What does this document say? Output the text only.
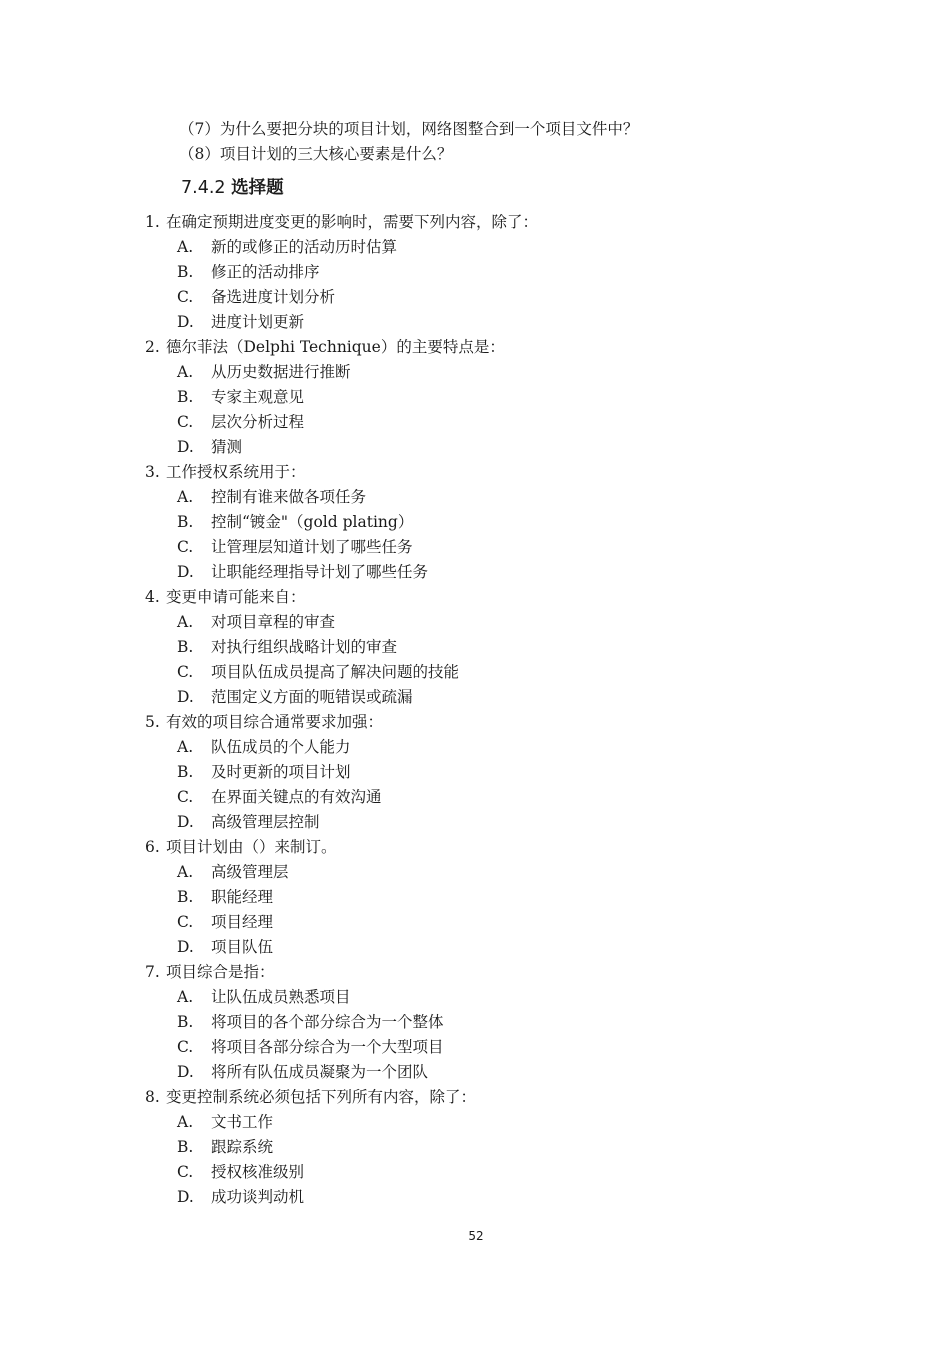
（7）为什么要把分块的项目计划，网络图整合到一个项目文件中？
（8）项目计划的三大核心要素是什么？
7.4.2 选择题
1. 在确定预期进度变更的影响时，需要下列内容，除了：
A. 新的或修正的活动历时估算
B. 修正的活动排序
C. 备选进度计划分析
D. 进度计划更新
2. 德尔菲法（Delphi Technique）的主要特点是：
A. 从历史数据进行推断
B. 专家主观意见
C. 层次分析过程
D. 猜测
3. 工作授权系统用于：
A. 控制有谁来做各项任务
B. 控制“镀金"（gold plating）
C. 让管理层知道计划了哪些任务
D. 让职能经理指导计划了哪些任务
4. 变更申请可能来自：
A. 对项目章程的审查
B. 对执行组织战略计划的审查
C. 项目队伍成员提高了解决问题的技能
D. 范围定义方面的呃错误或疏漏
5. 有效的项目综合通常要求加强：
A. 队伍成员的个人能力
B. 及时更新的项目计划
C. 在界面关键点的有效沟通
D. 高级管理层控制
6. 项目计划由（）来制订。
A. 高级管理层
B. 职能经理
C. 项目经理
D. 项目队伍
7. 项目综合是指：
A. 让队伍成员熟悉项目
B. 将项目的各个部分综合为一个整体
C. 将项目各部分综合为一个大型项目
D. 将所有队伍成员凝聚为一个团队
8. 变更控制系统必须包括下列所有内容，除了：
A. 文书工作
B. 跟踪系统
C. 授权核准级别
D. 成功谈判动机
52
